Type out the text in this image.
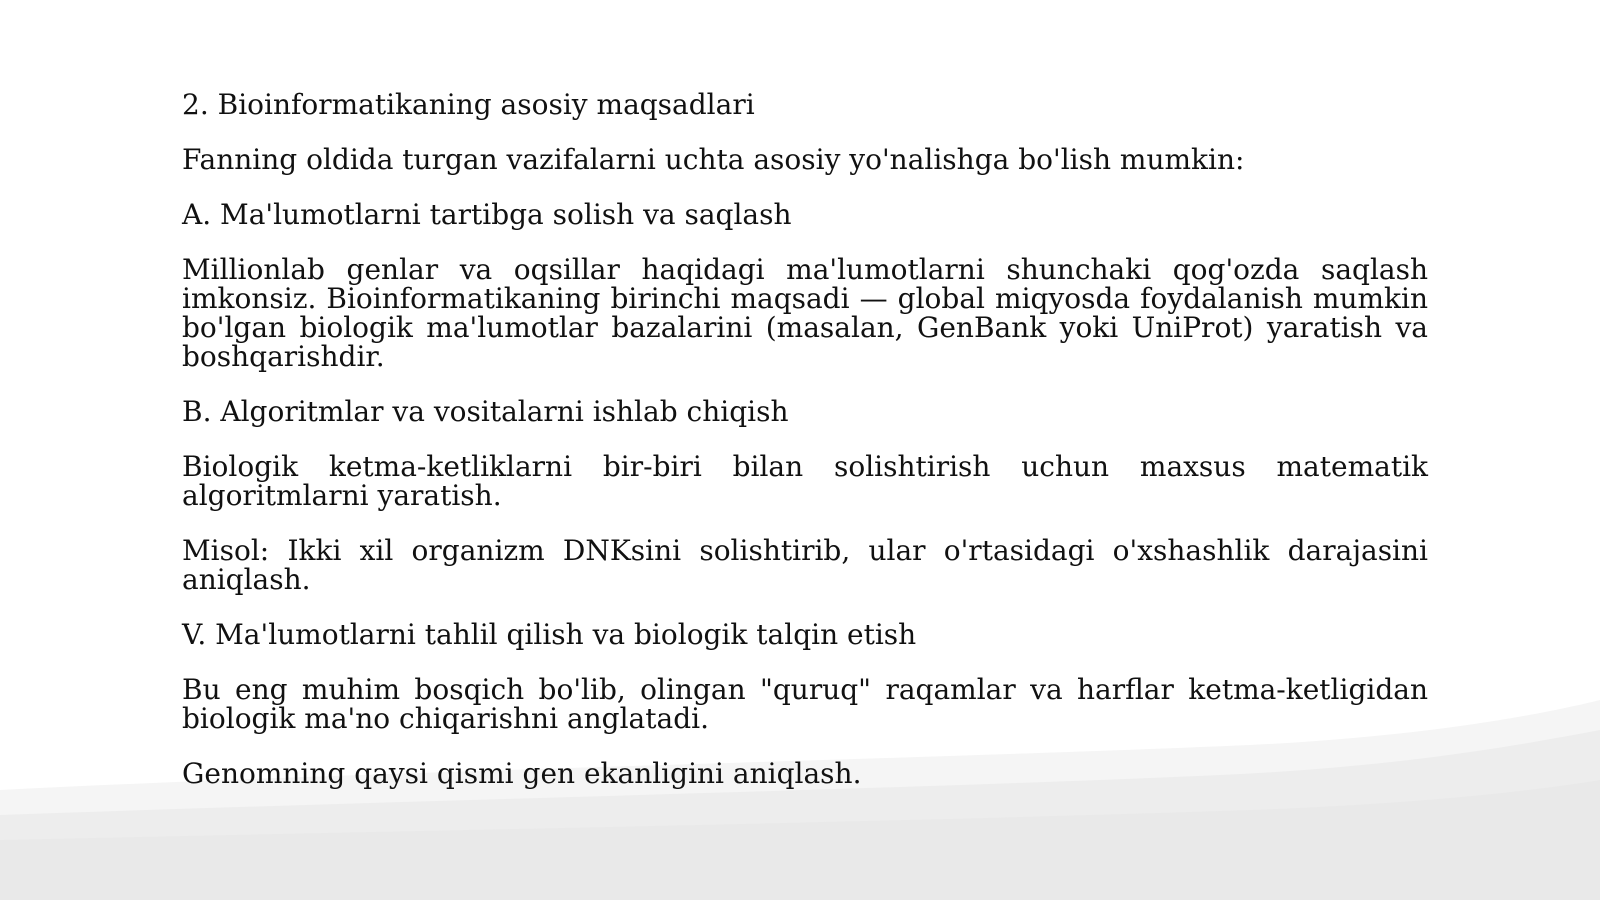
2. Bioinformatikaning asosiy maqsadlari

Fanning oldida turgan vazifalarni uchta asosiy yo'nalishga bo'lish mumkin:

A. Ma'lumotlarni tartibga solish va saqlash

Millionlab genlar va oqsillar haqidagi ma'lumotlarni shunchaki qog'ozda saqlash imkonsiz. Bioinformatikaning birinchi maqsadi — global miqyosda foydalanish mumkin bo'lgan biologik ma'lumotlar bazalarini (masalan, GenBank yoki UniProt) yaratish va boshqarishdir.

B. Algoritmlar va vositalarni ishlab chiqish

Biologik ketma-ketliklarni bir-biri bilan solishtirish uchun maxsus matematik algoritmlarni yaratish.

Misol: Ikki xil organizm DNKsini solishtirib, ular o'rtasidagi o'xshashlik darajasini aniqlash.

V. Ma'lumotlarni tahlil qilish va biologik talqin etish

Bu eng muhim bosqich bo'lib, olingan "quruq" raqamlar va harflar ketma-ketligidan biologik ma'no chiqarishni anglatadi.

Genomning qaysi qismi gen ekanligini aniqlash.
